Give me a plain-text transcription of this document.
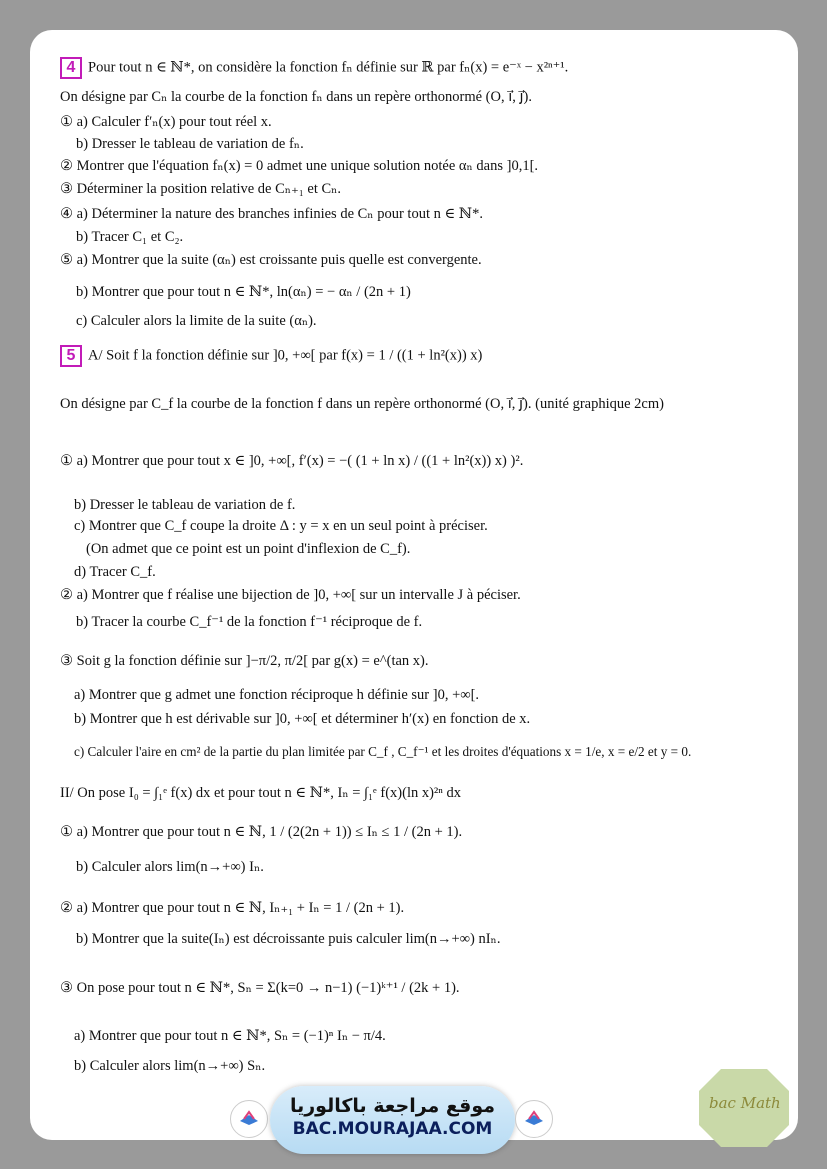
4 Pour tout n ∈ ℕ*, on considère la fonction fₙ définie sur ℝ par fₙ(x) = e⁻ˣ − x²ⁿ⁺¹.
On désigne par Cₙ la courbe de la fonction fₙ dans un repère orthonormé (O, i⃗, j⃗).
① a) Calculer f′ₙ(x) pour tout réel x.
b) Dresser le tableau de variation de fₙ.
② Montrer que l'équation fₙ(x) = 0 admet une unique solution notée αₙ dans ]0,1[.
③ Déterminer la position relative de Cₙ₊₁ et Cₙ.
④ a) Déterminer la nature des branches infinies de Cₙ pour tout n ∈ ℕ*.
b) Tracer C₁ et C₂.
⑤ a) Montrer que la suite (αₙ) est croissante puis quelle est convergente.
b) Montrer que pour tout n ∈ ℕ*, ln(αₙ) = − αₙ / (2n + 1)
c) Calculer alors la limite de la suite (αₙ).
5 A/ Soit f la fonction définie sur ]0, +∞[ par f(x) = 1 / ((1 + ln²(x)) x)
On désigne par C_f la courbe de la fonction f dans un repère orthonormé (O, i⃗, j⃗). (unité graphique 2cm)
① a) Montrer que pour tout x ∈ ]0, +∞[, f′(x) = −( (1 + ln x) / ((1 + ln²(x)) x) )².
b) Dresser le tableau de variation de f.
c) Montrer que C_f coupe la droite Δ : y = x en un seul point à préciser.
(On admet que ce point est un point d'inflexion de C_f).
d) Tracer C_f.
② a) Montrer que f réalise une bijection de ]0, +∞[ sur un intervalle J à péciser.
b) Tracer la courbe C_f⁻¹ de la fonction f⁻¹ réciproque de f.
③ Soit g la fonction définie sur ]−π/2, π/2[ par g(x) = e^(tan x).
a) Montrer que g admet une fonction réciproque h définie sur ]0, +∞[.
b) Montrer que h est dérivable sur ]0, +∞[ et déterminer h′(x) en fonction de x.
c) Calculer l'aire en cm² de la partie du plan limitée par C_f , C_f⁻¹ et les droites d'équations x = 1/e, x = e/2 et y = 0.
II/ On pose I₀ = ∫₁ᵉ f(x) dx et pour tout n ∈ ℕ*, Iₙ = ∫₁ᵉ f(x)(ln x)²ⁿ dx
① a) Montrer que pour tout n ∈ ℕ, 1 / (2(2n + 1)) ≤ Iₙ ≤ 1 / (2n + 1).
b) Calculer alors lim(n→+∞) Iₙ.
② a) Montrer que pour tout n ∈ ℕ, Iₙ₊₁ + Iₙ = 1 / (2n + 1).
b) Montrer que la suite(Iₙ) est décroissante puis calculer lim(n→+∞) nIₙ.
③ On pose pour tout n ∈ ℕ*, Sₙ = Σ(k=0 → n−1) (−1)ᵏ⁺¹ / (2k + 1).
a) Montrer que pour tout n ∈ ℕ*, Sₙ = (−1)ⁿ Iₙ − π/4.
b) Calculer alors lim(n→+∞) Sₙ.
موقع مراجعة باكالوريا
BAC.MOURAJAA.COM
bac Math
